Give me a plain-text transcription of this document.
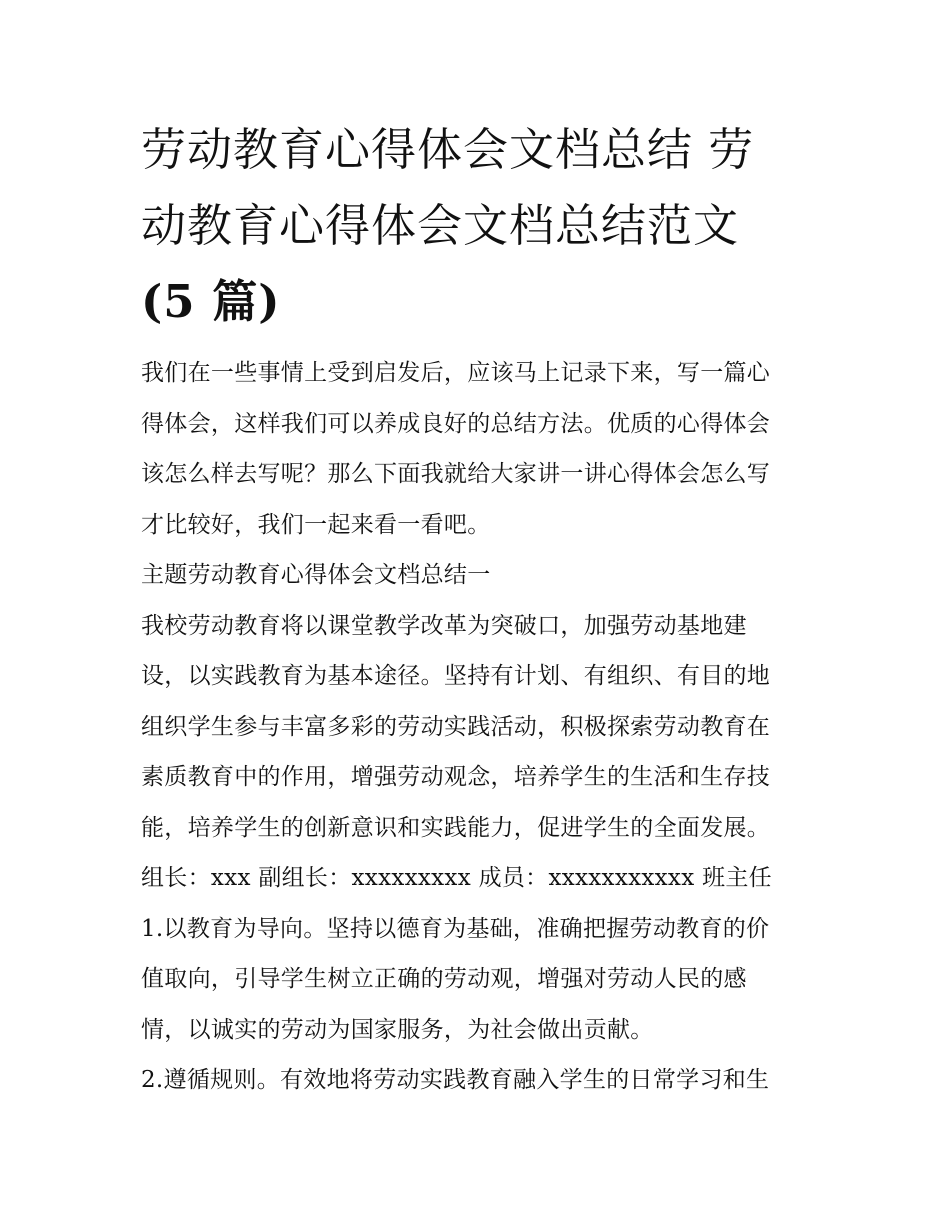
劳动教育心得体会文档总结 劳
动教育心得体会文档总结范文
(5 篇)
我们在一些事情上受到启发后，应该马上记录下来，写一篇心
得体会，这样我们可以养成良好的总结方法。优质的心得体会
该怎么样去写呢？那么下面我就给大家讲一讲心得体会怎么写
才比较好，我们一起来看一看吧。
主题劳动教育心得体会文档总结一
我校劳动教育将以课堂教学改革为突破口，加强劳动基地建
设，以实践教育为基本途径。坚持有计划、有组织、有目的地
组织学生参与丰富多彩的劳动实践活动，积极探索劳动教育在
素质教育中的作用，增强劳动观念，培养学生的生活和生存技
能，培养学生的创新意识和实践能力，促进学生的全面发展。
组长：xxx 副组长：xxxxxxxxx 成员：xxxxxxxxxxx 班主任
1.以教育为导向。坚持以德育为基础，准确把握劳动教育的价
值取向，引导学生树立正确的劳动观，增强对劳动人民的感
情，以诚实的劳动为国家服务，为社会做出贡献。
2.遵循规则。有效地将劳动实践教育融入学生的日常学习和生
